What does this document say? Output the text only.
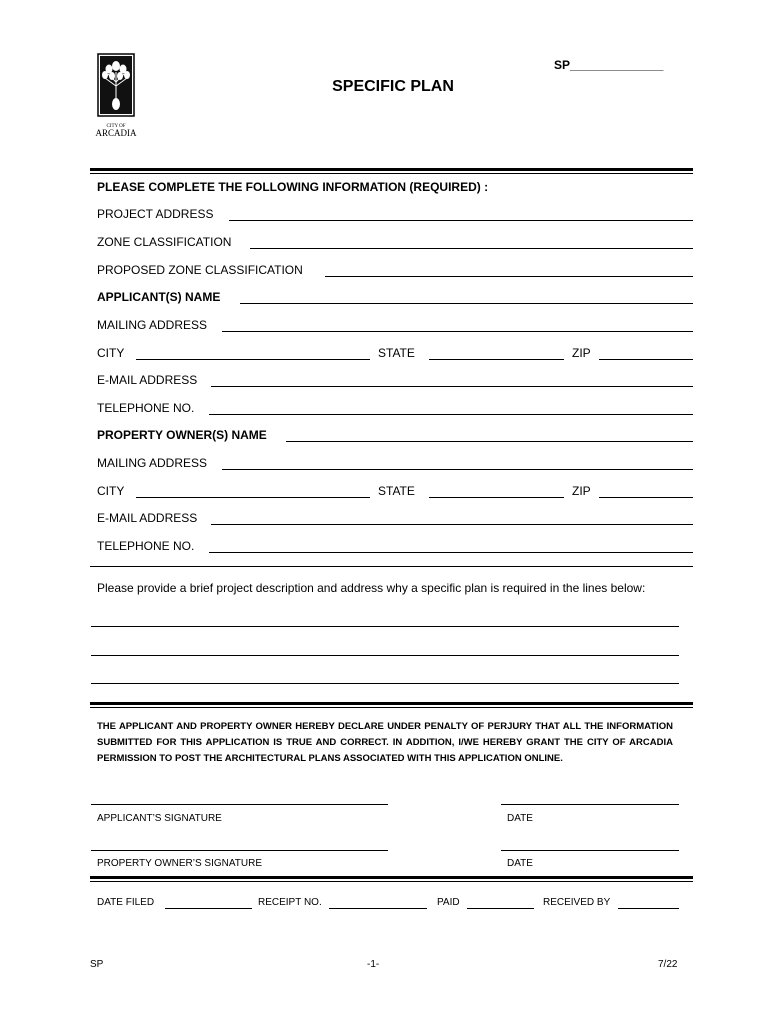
CITY OF
ARCADIA
SP______________
SPECIFIC PLAN
PLEASE COMPLETE THE FOLLOWING INFORMATION (REQUIRED) :
PROJECT ADDRESS
ZONE CLASSIFICATION
PROPOSED ZONE CLASSIFICATION
APPLICANT(S) NAME
MAILING ADDRESS
CITY	STATE	ZIP
E-MAIL ADDRESS
TELEPHONE NO.
PROPERTY OWNER(S) NAME
MAILING ADDRESS
CITY	STATE	ZIP
E-MAIL ADDRESS
TELEPHONE NO.
Please provide a brief project description and address why a specific plan is required in the lines below:
THE APPLICANT AND PROPERTY OWNER HEREBY DECLARE UNDER PENALTY OF PERJURY THAT ALL THE INFORMATION SUBMITTED FOR THIS APPLICATION IS TRUE AND CORRECT. IN ADDITION, I/WE HEREBY GRANT THE CITY OF ARCADIA PERMISSION TO POST THE ARCHITECTURAL PLANS ASSOCIATED WITH THIS APPLICATION ONLINE.
APPLICANT’S SIGNATURE	DATE
PROPERTY OWNER’S SIGNATURE	DATE
DATE FILED	RECEIPT NO.	PAID	RECEIVED BY
SP	-1-	7/22
